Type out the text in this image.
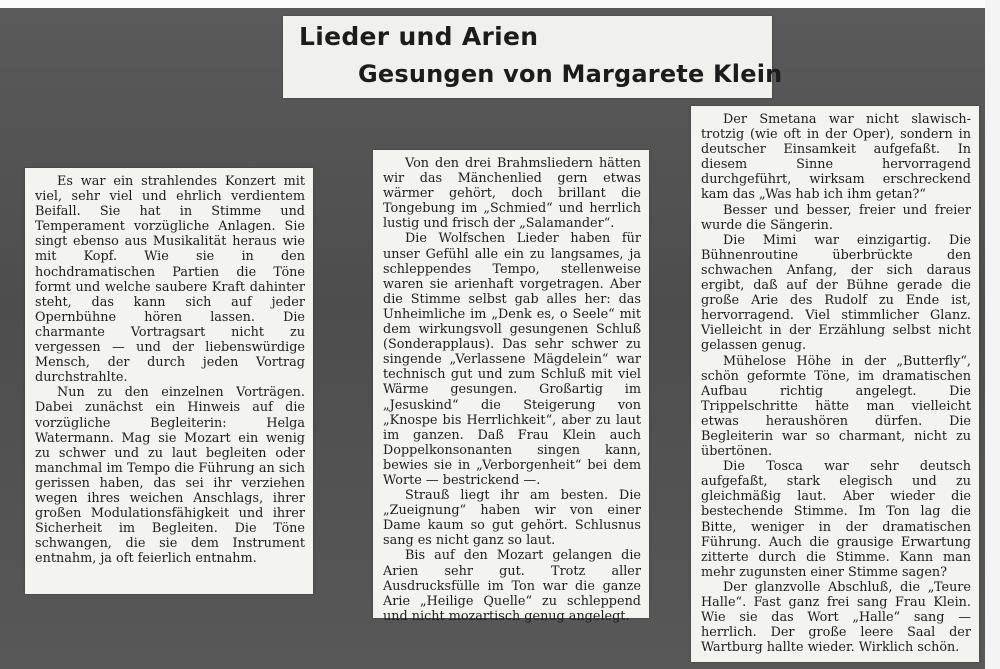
Lieder und Arien
Gesungen von Margarete Klein

Es war ein strahlendes Konzert mit viel, sehr viel und ehrlich verdientem Beifall. Sie hat in Stimme und Temperament vorzügliche Anlagen. Sie singt ebenso aus Musikalität heraus wie mit Kopf. Wie sie in den hochdramatischen Partien die Töne formt und welche saubere Kraft dahinter steht, das kann sich auf jeder Opernbühne hören lassen. Die charmante Vortragsart nicht zu vergessen — und der liebenswürdige Mensch, der durch jeden Vortrag durchstrahlte.

Nun zu den einzelnen Vorträgen. Dabei zunächst ein Hinweis auf die vorzügliche Begleiterin: Helga Watermann. Mag sie Mozart ein wenig zu schwer und zu laut begleiten oder manchmal im Tempo die Führung an sich gerissen haben, das sei ihr verziehen wegen ihres weichen Anschlags, ihrer großen Modulationsfähigkeit und ihrer Sicherheit im Begleiten. Die Töne schwangen, die sie dem Instrument entnahm, ja oft feierlich entnahm.

Von den drei Brahmsliedern hätten wir das Mänchenlied gern etwas wärmer gehört, doch brillant die Tongebung im „Schmied“ und herrlich lustig und frisch der „Salamander“.

Die Wolfschen Lieder haben für unser Gefühl alle ein zu langsames, ja schleppendes Tempo, stellenweise waren sie arienhaft vorgetragen. Aber die Stimme selbst gab alles her: das Unheimliche im „Denk es, o Seele“ mit dem wirkungsvoll gesungenen Schluß (Sonderapplaus). Das sehr schwer zu singende „Verlassene Mägdelein“ war technisch gut und zum Schluß mit viel Wärme gesungen. Großartig im „Jesuskind“ die Steigerung von „Knospe bis Herrlichkeit“, aber zu laut im ganzen. Daß Frau Klein auch Doppelkonsonanten singen kann, bewies sie in „Verborgenheit“ bei dem Worte — bestrickend —.

Strauß liegt ihr am besten. Die „Zueignung“ haben wir von einer Dame kaum so gut gehört. Schlusnus sang es nicht ganz so laut.

Bis auf den Mozart gelangen die Arien sehr gut. Trotz aller Ausdrucksfülle im Ton war die ganze Arie „Heilige Quelle“ zu schleppend und nicht mozartisch genug angelegt.

Der Smetana war nicht slawisch-trotzig (wie oft in der Oper), sondern in deutscher Einsamkeit aufgefaßt. In diesem Sinne hervorragend durchgeführt, wirksam erschreckend kam das „Was hab ich ihm getan?“

Besser und besser, freier und freier wurde die Sängerin.

Die Mimi war einzigartig. Die Bühnenroutine überbrückte den schwachen Anfang, der sich daraus ergibt, daß auf der Bühne gerade die große Arie des Rudolf zu Ende ist, hervorragend. Viel stimmlicher Glanz. Vielleicht in der Erzählung selbst nicht gelassen genug.

Mühelose Höhe in der „Butterfly“, schön geformte Töne, im dramatischen Aufbau richtig angelegt. Die Trippelschritte hätte man vielleicht etwas heraushören dürfen. Die Begleiterin war so charmant, nicht zu übertönen.

Die Tosca war sehr deutsch aufgefaßt, stark elegisch und zu gleichmäßig laut. Aber wieder die bestechende Stimme. Im Ton lag die Bitte, weniger in der dramatischen Führung. Auch die grausige Erwartung zitterte durch die Stimme. Kann man mehr zugunsten einer Stimme sagen?

Der glanzvolle Abschluß, die „Teure Halle“. Fast ganz frei sang Frau Klein. Wie sie das Wort „Halle“ sang — herrlich. Der große leere Saal der Wartburg hallte wieder. Wirklich schön.
